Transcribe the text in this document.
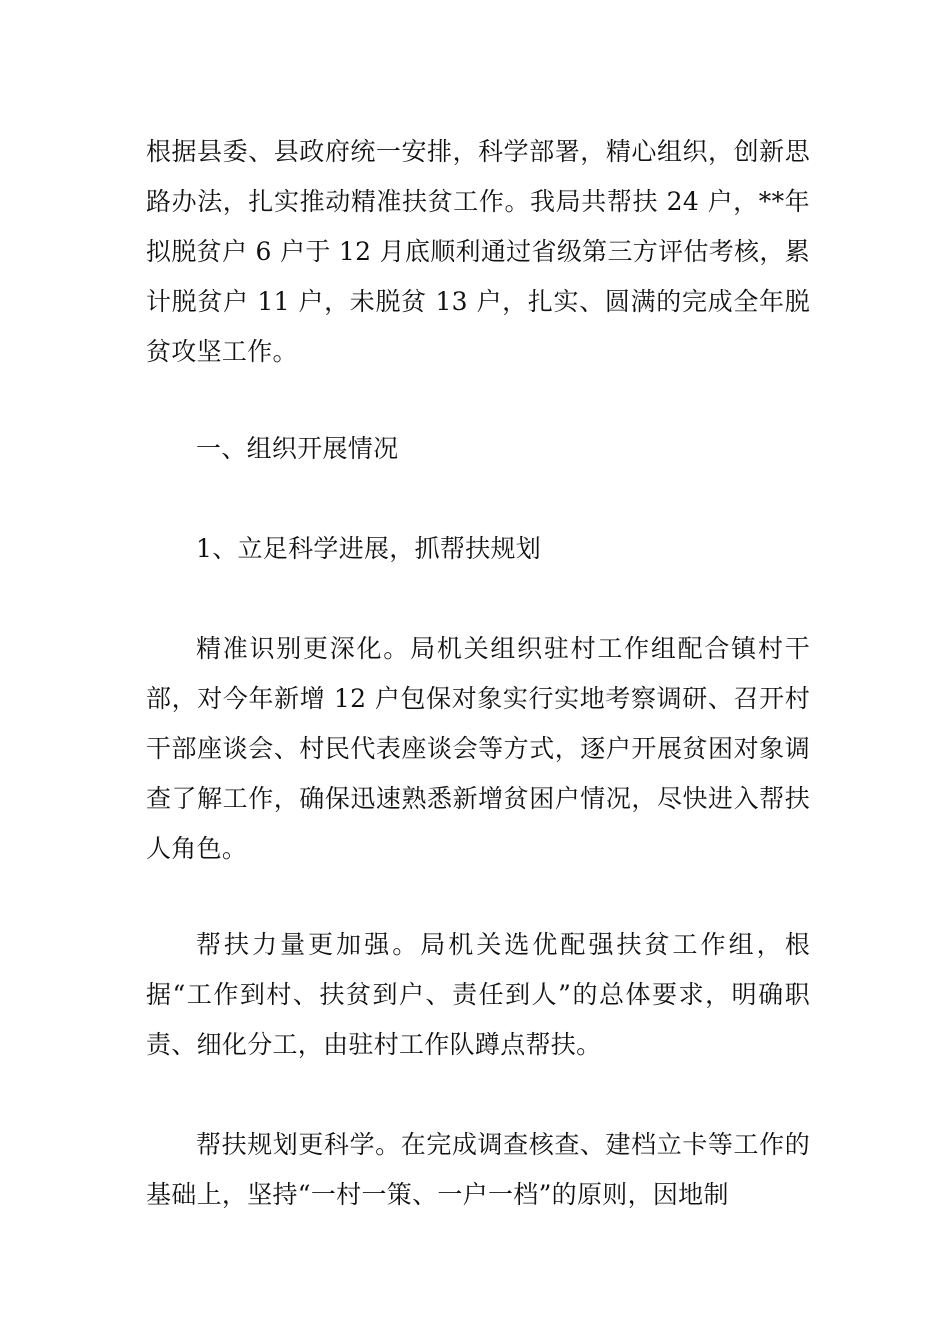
根据县委、县政府统一安排，科学部署，精心组织，创新思路办法，扎实推动精准扶贫工作。我局共帮扶 24 户，**年拟脱贫户 6 户于 12 月底顺利通过省级第三方评估考核，累计脱贫户 11 户，未脱贫 13 户，扎实、圆满的完成全年脱贫攻坚工作。

一、组织开展情况

1、立足科学进展，抓帮扶规划

精准识别更深化。局机关组织驻村工作组配合镇村干部，对今年新增 12 户包保对象实行实地考察调研、召开村干部座谈会、村民代表座谈会等方式，逐户开展贫困对象调查了解工作，确保迅速熟悉新增贫困户情况，尽快进入帮扶人角色。

帮扶力量更加强。局机关选优配强扶贫工作组，根据“工作到村、扶贫到户、责任到人”的总体要求，明确职责、细化分工，由驻村工作队蹲点帮扶。

帮扶规划更科学。在完成调查核查、建档立卡等工作的基础上，坚持“一村一策、一户一档”的原则，因地制
